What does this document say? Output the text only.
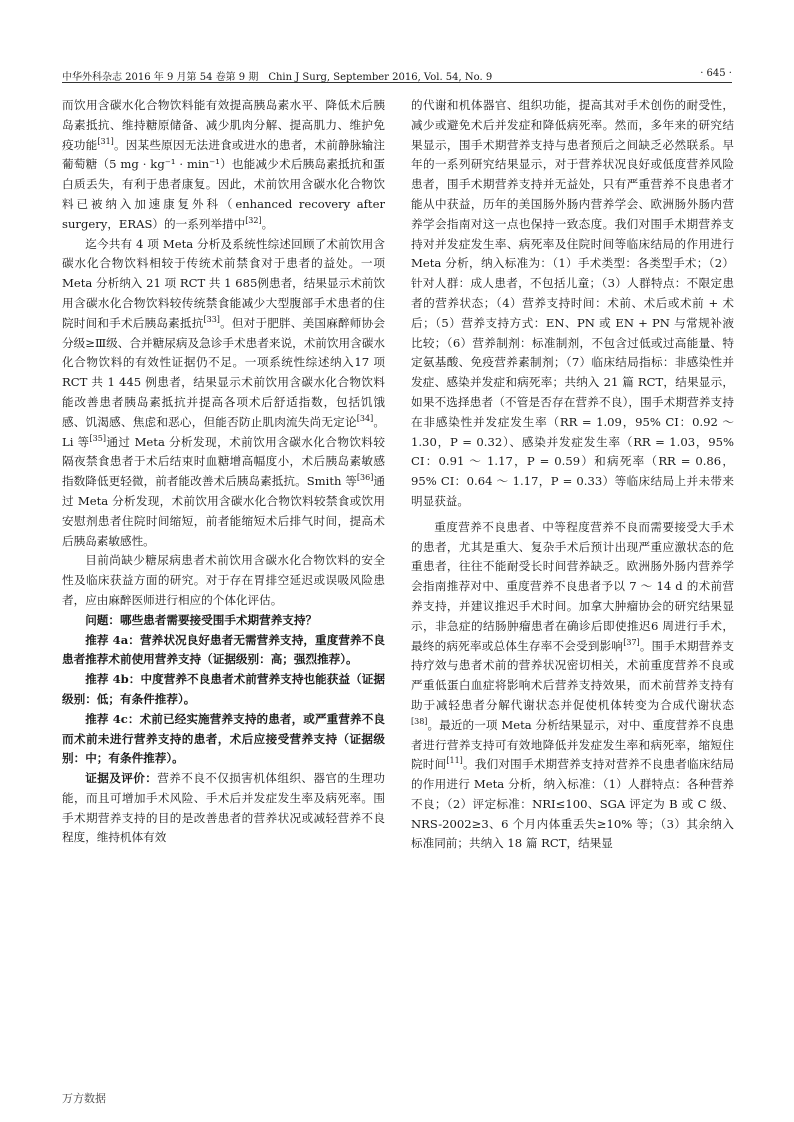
中华外科杂志 2016 年 9 月第 54 卷第 9 期　Chin J Surg, September 2016, Vol. 54, No. 9	· 645 ·

而饮用含碳水化合物饮料能有效提高胰岛素水平、降低术后胰岛素抵抗、维持糖原储备、减少肌肉分解、提高肌力、维护免疫功能[31]。因某些原因无法进食或进水的患者，术前静脉输注葡萄糖（5 mg · kg⁻¹ · min⁻¹）也能减少术后胰岛素抵抗和蛋白质丢失，有利于患者康复。因此，术前饮用含碳水化合物饮料已被纳入加速康复外科（enhanced recovery after surgery，ERAS）的一系列举措中[32]。

迄今共有 4 项 Meta 分析及系统性综述回顾了术前饮用含碳水化合物饮料相较于传统术前禁食对于患者的益处。一项 Meta 分析纳入 21 项 RCT 共 1 685例患者，结果显示术前饮用含碳水化合物饮料较传统禁食能减少大型腹部手术患者的住院时间和手术后胰岛素抵抗[33]。但对于肥胖、美国麻醉师协会分级≥Ⅲ级、合并糖尿病及急诊手术患者来说，术前饮用含碳水化合物饮料的有效性证据仍不足。一项系统性综述纳入17 项 RCT 共 1 445 例患者，结果显示术前饮用含碳水化合物饮料能改善患者胰岛素抵抗并提高各项术后舒适指数，包括饥饿感、饥渴感、焦虑和恶心，但能否防止肌肉流失尚无定论[34]。Li 等[35]通过 Meta 分析发现，术前饮用含碳水化合物饮料较隔夜禁食患者于术后结束时血糖增高幅度小，术后胰岛素敏感指数降低更轻微，前者能改善术后胰岛素抵抗。Smith 等[36]通过 Meta 分析发现，术前饮用含碳水化合物饮料较禁食或饮用安慰剂患者住院时间缩短，前者能缩短术后排气时间，提高术后胰岛素敏感性。

目前尚缺少糖尿病患者术前饮用含碳水化合物饮料的安全性及临床获益方面的研究。对于存在胃排空延迟或误吸风险患者，应由麻醉医师进行相应的个体化评估。

问题：哪些患者需要接受围手术期营养支持？

推荐 4a：营养状况良好患者无需营养支持，重度营养不良患者推荐术前使用营养支持（证据级别：高；强烈推荐）。

推荐 4b：中度营养不良患者术前营养支持也能获益（证据级别：低；有条件推荐）。

推荐 4c：术前已经实施营养支持的患者，或严重营养不良而术前未进行营养支持的患者，术后应接受营养支持（证据级别：中；有条件推荐）。

证据及评价：营养不良不仅损害机体组织、器官的生理功能，而且可增加手术风险、手术后并发症发生率及病死率。围手术期营养支持的目的是改善患者的营养状况或减轻营养不良程度，维持机体有效

的代谢和机体器官、组织功能，提高其对手术创伤的耐受性，减少或避免术后并发症和降低病死率。然而，多年来的研究结果显示，围手术期营养支持与患者预后之间缺乏必然联系。早年的一系列研究结果显示，对于营养状况良好或低度营养风险患者，围手术期营养支持并无益处，只有严重营养不良患者才能从中获益，历年的美国肠外肠内营养学会、欧洲肠外肠内营养学会指南对这一点也保持一致态度。我们对围手术期营养支持对并发症发生率、病死率及住院时间等临床结局的作用进行 Meta 分析，纳入标准为：（1）手术类型：各类型手术；（2）针对人群：成人患者，不包括儿童；（3）人群特点：不限定患者的营养状态；（4）营养支持时间：术前、术后或术前 + 术后；（5）营养支持方式：EN、PN 或 EN + PN 与常规补液比较；（6）营养制剂：标准制剂，不包含过低或过高能量、特定氨基酸、免疫营养素制剂；（7）临床结局指标：非感染性并发症、感染并发症和病死率；共纳入 21 篇 RCT，结果显示，如果不选择患者（不管是否存在营养不良），围手术期营养支持在非感染性并发症发生率（RR = 1.09，95% CI：0.92 ～ 1.30，P = 0.32）、感染并发症发生率（RR = 1.03，95% CI：0.91 ～ 1.17，P = 0.59）和病死率（RR = 0.86，95% CI：0.64 ～ 1.17，P = 0.33）等临床结局上并未带来明显获益。

重度营养不良患者、中等程度营养不良而需要接受大手术的患者，尤其是重大、复杂手术后预计出现严重应激状态的危重患者，往往不能耐受长时间营养缺乏。欧洲肠外肠内营养学会指南推荐对中、重度营养不良患者予以 7 ～ 14 d 的术前营养支持，并建议推迟手术时间。加拿大肿瘤协会的研究结果显示，非急症的结肠肿瘤患者在确诊后即使推迟6 周进行手术，最终的病死率或总体生存率不会受到影响[37]。围手术期营养支持疗效与患者术前的营养状况密切相关，术前重度营养不良或严重低蛋白血症将影响术后营养支持效果，而术前营养支持有助于减轻患者分解代谢状态并促使机体转变为合成代谢状态[38]。最近的一项 Meta 分析结果显示，对中、重度营养不良患者进行营养支持可有效地降低并发症发生率和病死率，缩短住院时间[11]。我们对围手术期营养支持对营养不良患者临床结局的作用进行 Meta 分析，纳入标准：（1）人群特点：各种营养不良；（2）评定标准：NRI≤100、SGA 评定为 B 或 C 级、NRS-2002≥3、6 个月内体重丢失≥10% 等；（3）其余纳入标准同前；共纳入 18 篇 RCT，结果显

万方数据
